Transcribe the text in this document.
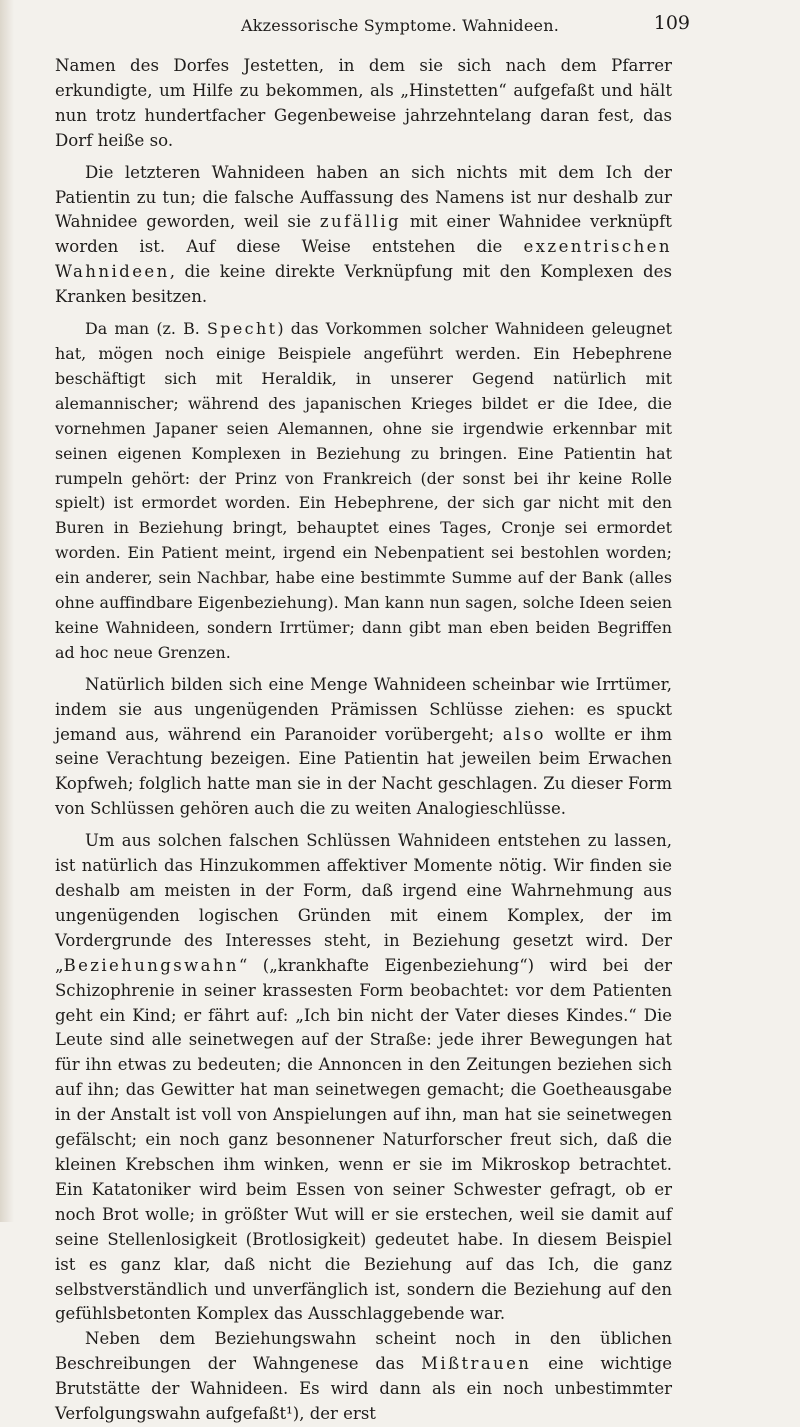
Akzessorische Symptome. Wahnideen.	109

Namen des Dorfes Jestetten, in dem sie sich nach dem Pfarrer erkundigte, um Hilfe zu bekommen, als „Hinstetten“ aufgefaßt und hält nun trotz hundertfacher Gegenbeweise jahrzehntelang daran fest, das Dorf heiße so.

Die letzteren Wahnideen haben an sich nichts mit dem Ich der Patientin zu tun; die falsche Auffassung des Namens ist nur deshalb zur Wahnidee geworden, weil sie zufällig mit einer Wahnidee verknüpft worden ist. Auf diese Weise entstehen die exzentrischen Wahnideen, die keine direkte Verknüpfung mit den Komplexen des Kranken besitzen.

Da man (z. B. Specht) das Vorkommen solcher Wahnideen geleugnet hat, mögen noch einige Beispiele angeführt werden. Ein Hebephrene beschäftigt sich mit Heraldik, in unserer Gegend natürlich mit alemannischer; während des japanischen Krieges bildet er die Idee, die vornehmen Japaner seien Alemannen, ohne sie irgendwie erkennbar mit seinen eigenen Komplexen in Beziehung zu bringen. Eine Patientin hat rumpeln gehört: der Prinz von Frankreich (der sonst bei ihr keine Rolle spielt) ist ermordet worden. Ein Hebephrene, der sich gar nicht mit den Buren in Beziehung bringt, behauptet eines Tages, Cronje sei ermordet worden. Ein Patient meint, irgend ein Nebenpatient sei bestohlen worden; ein anderer, sein Nachbar, habe eine bestimmte Summe auf der Bank (alles ohne auffindbare Eigenbeziehung). Man kann nun sagen, solche Ideen seien keine Wahnideen, sondern Irrtümer; dann gibt man eben beiden Begriffen ad hoc neue Grenzen.

Natürlich bilden sich eine Menge Wahnideen scheinbar wie Irrtümer, indem sie aus ungenügenden Prämissen Schlüsse ziehen: es spuckt jemand aus, während ein Paranoider vorübergeht; also wollte er ihm seine Verachtung bezeigen. Eine Patientin hat jeweilen beim Erwachen Kopfweh; folglich hatte man sie in der Nacht geschlagen. Zu dieser Form von Schlüssen gehören auch die zu weiten Analogieschlüsse.

Um aus solchen falschen Schlüssen Wahnideen entstehen zu lassen, ist natürlich das Hinzukommen affektiver Momente nötig. Wir finden sie deshalb am meisten in der Form, daß irgend eine Wahrnehmung aus ungenügenden logischen Gründen mit einem Komplex, der im Vordergrunde des Interesses steht, in Beziehung gesetzt wird. Der „Beziehungswahn“ („krankhafte Eigenbeziehung“) wird bei der Schizophrenie in seiner krassesten Form beobachtet: vor dem Patienten geht ein Kind; er fährt auf: „Ich bin nicht der Vater dieses Kindes.“ Die Leute sind alle seinetwegen auf der Straße: jede ihrer Bewegungen hat für ihn etwas zu bedeuten; die Annoncen in den Zeitungen beziehen sich auf ihn; das Gewitter hat man seinetwegen gemacht; die Goetheausgabe in der Anstalt ist voll von Anspielungen auf ihn, man hat sie seinetwegen gefälscht; ein noch ganz besonnener Naturforscher freut sich, daß die kleinen Krebschen ihm winken, wenn er sie im Mikroskop betrachtet. Ein Katatoniker wird beim Essen von seiner Schwester gefragt, ob er noch Brot wolle; in größter Wut will er sie erstechen, weil sie damit auf seine Stellenlosigkeit (Brotlosigkeit) gedeutet habe. In diesem Beispiel ist es ganz klar, daß nicht die Beziehung auf das Ich, die ganz selbstverständlich und unverfänglich ist, sondern die Beziehung auf den gefühlsbetonten Komplex das Ausschlaggebende war.

Neben dem Beziehungswahn scheint noch in den üblichen Beschreibungen der Wahngenese das Mißtrauen eine wichtige Brutstätte der Wahnideen. Es wird dann als ein noch unbestimmter Verfolgungswahn aufgefaßt¹), der erst
